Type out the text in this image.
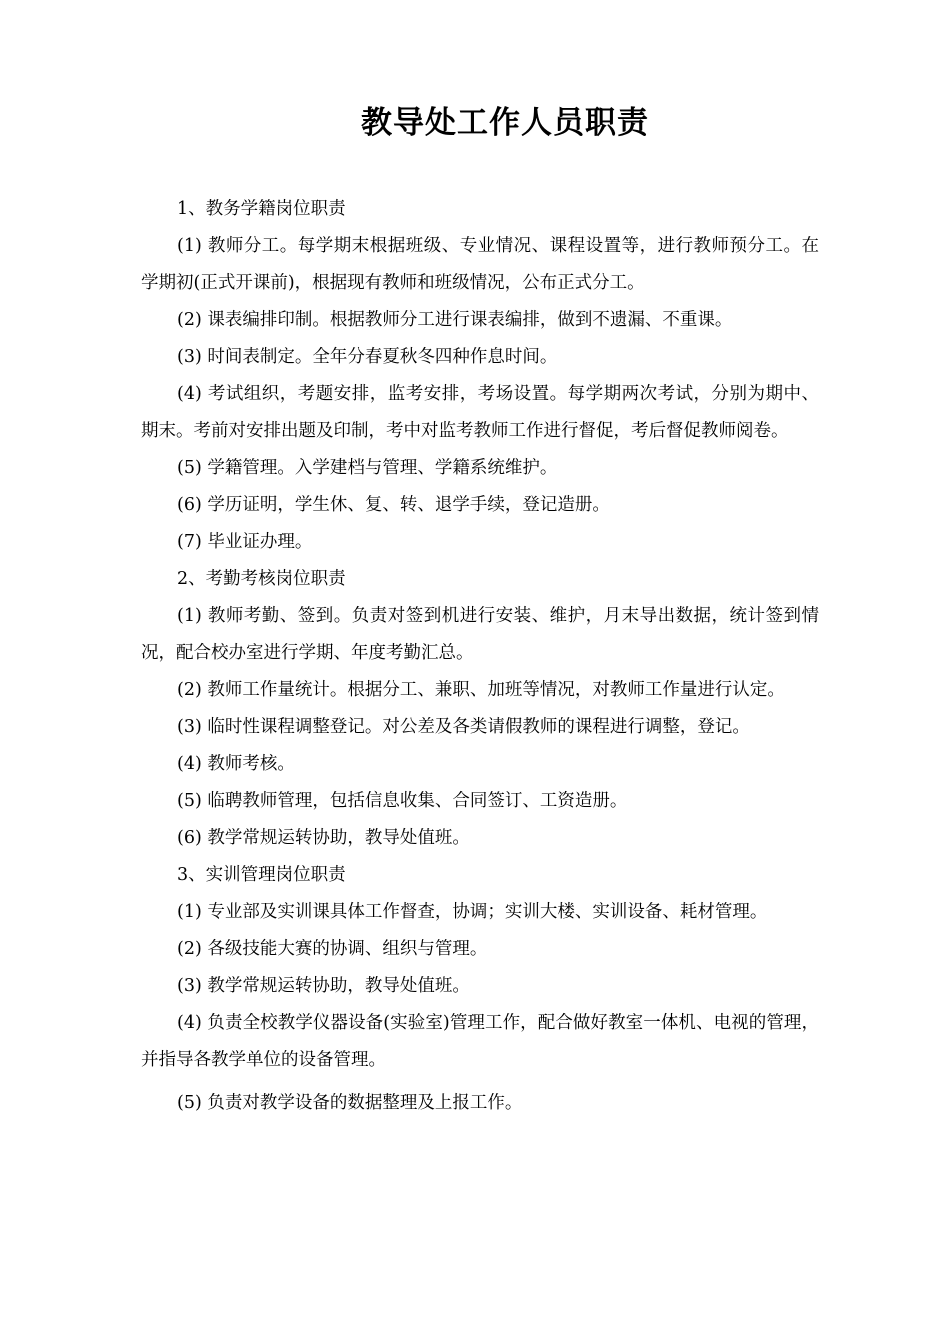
教导处工作人员职责

1、教务学籍岗位职责

(1) 教师分工。每学期末根据班级、专业情况、课程设置等，进行教师预分工。在学期初(正式开课前)，根据现有教师和班级情况，公布正式分工。

(2) 课表编排印制。根据教师分工进行课表编排，做到不遗漏、不重课。

(3) 时间表制定。全年分春夏秋冬四种作息时间。

(4) 考试组织，考题安排，监考安排，考场设置。每学期两次考试，分别为期中、期末。考前对安排出题及印制，考中对监考教师工作进行督促，考后督促教师阅卷。

(5) 学籍管理。入学建档与管理、学籍系统维护。

(6) 学历证明，学生休、复、转、退学手续，登记造册。

(7) 毕业证办理。

2、考勤考核岗位职责

(1) 教师考勤、签到。负责对签到机进行安装、维护，月末导出数据，统计签到情况，配合校办室进行学期、年度考勤汇总。

(2) 教师工作量统计。根据分工、兼职、加班等情况，对教师工作量进行认定。

(3) 临时性课程调整登记。对公差及各类请假教师的课程进行调整，登记。

(4) 教师考核。

(5) 临聘教师管理，包括信息收集、合同签订、工资造册。

(6) 教学常规运转协助，教导处值班。

3、实训管理岗位职责

(1) 专业部及实训课具体工作督查，协调；实训大楼、实训设备、耗材管理。

(2) 各级技能大赛的协调、组织与管理。

(3) 教学常规运转协助，教导处值班。

(4) 负责全校教学仪器设备(实验室)管理工作，配合做好教室一体机、电视的管理，并指导各教学单位的设备管理。

(5) 负责对教学设备的数据整理及上报工作。
